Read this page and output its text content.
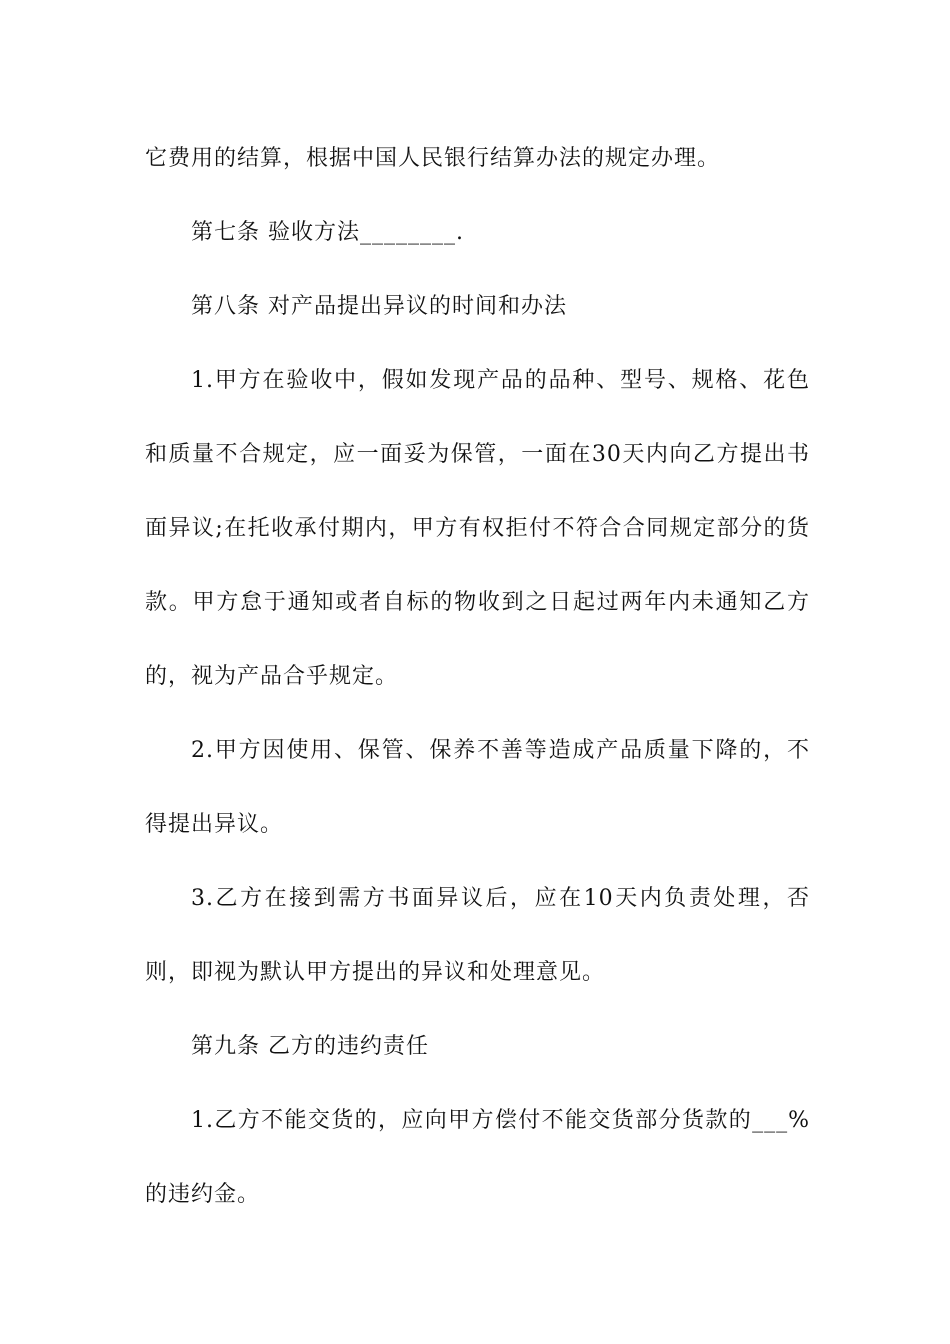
它费用的结算，根据中国人民银行结算办法的规定办理。

第七条 验收方法________.

第八条 对产品提出异议的时间和办法

1.甲方在验收中，假如发现产品的品种、型号、规格、花色和质量不合规定，应一面妥为保管，一面在30天内向乙方提出书面异议;在托收承付期内，甲方有权拒付不符合合同规定部分的货款。甲方怠于通知或者自标的物收到之日起过两年内未通知乙方的，视为产品合乎规定。

2.甲方因使用、保管、保养不善等造成产品质量下降的，不得提出异议。

3.乙方在接到需方书面异议后，应在10天内负责处理，否则，即视为默认甲方提出的异议和处理意见。

第九条 乙方的违约责任

1.乙方不能交货的，应向甲方偿付不能交货部分货款的___%的违约金。
